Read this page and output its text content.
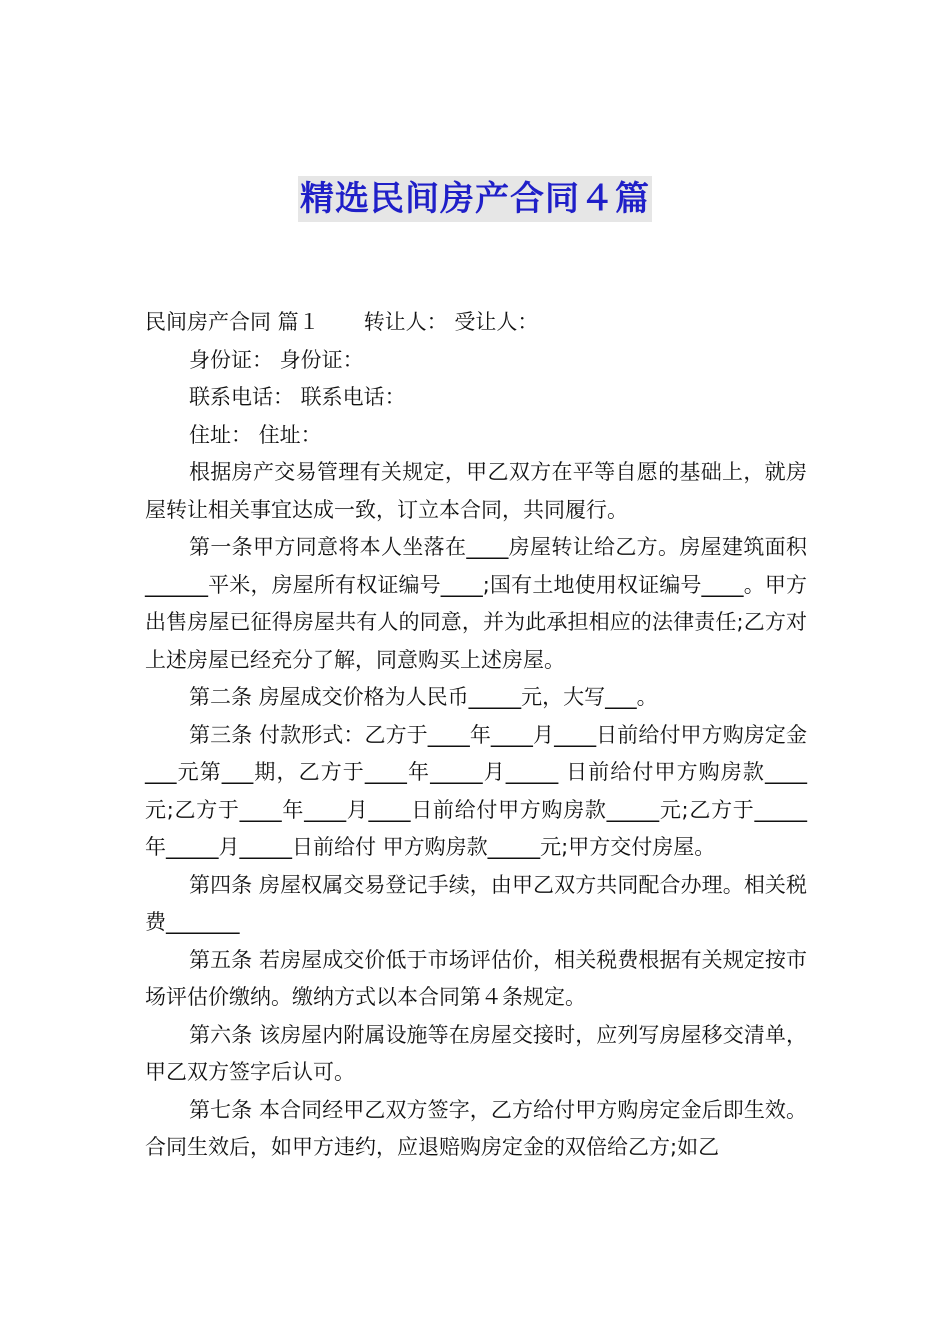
精选民间房产合同４篇

民间房产合同 篇１ 转让人： 受让人：

身份证： 身份证：

联系电话： 联系电话：

住址： 住址：

根据房产交易管理有关规定，甲乙双方在平等自愿的基础上，就房屋转让相关事宜达成一致，订立本合同，共同履行。

第一条甲方同意将本人坐落在____房屋转让给乙方。房屋建筑面积______平米，房屋所有权证编号____;国有土地使用权证编号____。甲方出售房屋已征得房屋共有人的同意，并为此承担相应的法律责任;乙方对上述房屋已经充分了解，同意购买上述房屋。

第二条 房屋成交价格为人民币_____元，大写___。

第三条 付款形式：乙方于____年____月____日前给付甲方购房定金___元第___期，乙方于____年_____月_____ 日前给付甲方购房款____元;乙方于____年____月____日前给付甲方购房款_____元;乙方于_____年_____月_____日前给付 甲方购房款_____元;甲方交付房屋。

第四条 房屋权属交易登记手续，由甲乙双方共同配合办理。相关税费_______

第五条 若房屋成交价低于市场评估价，相关税费根据有关规定按市场评估价缴纳。缴纳方式以本合同第４条规定。

第六条 该房屋内附属设施等在房屋交接时，应列写房屋移交清单，甲乙双方签字后认可。

第七条 本合同经甲乙双方签字，乙方给付甲方购房定金后即生效。合同生效后，如甲方违约，应退赔购房定金的双倍给乙方;如乙
